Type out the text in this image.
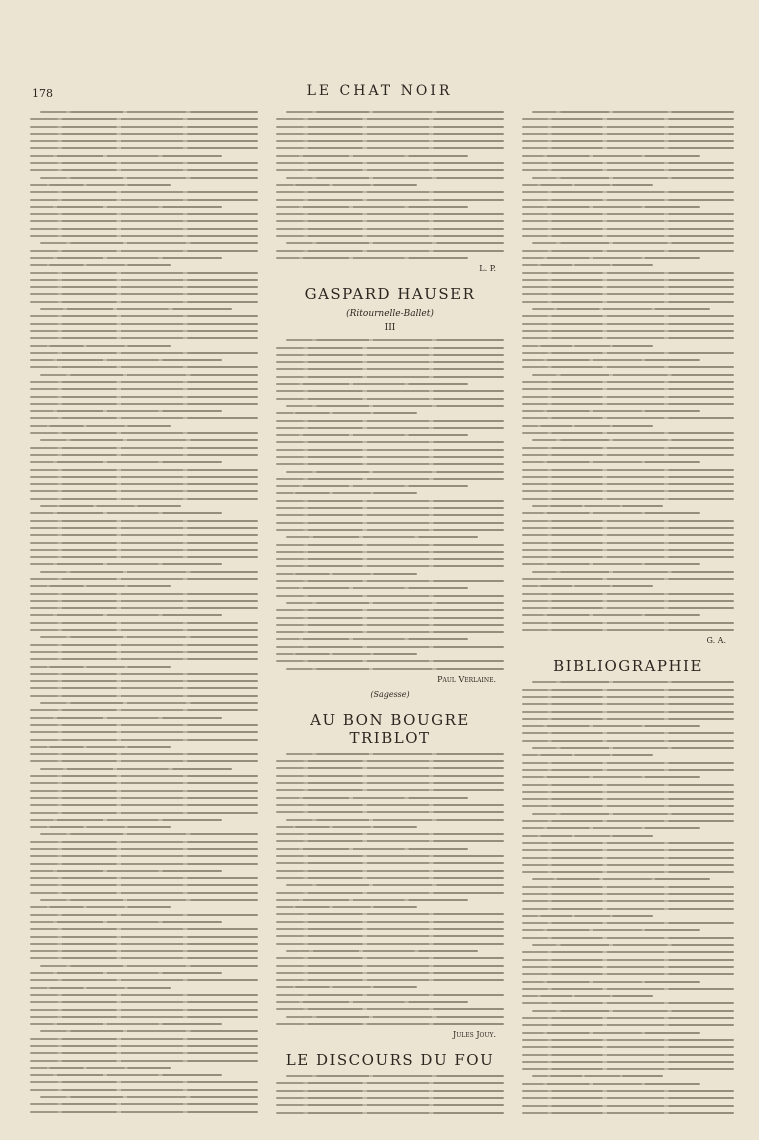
178	LE CHAT NOIR
L. P.
GASPARD HAUSER
(Ritournelle-Ballet)
III
Paul Verlaine.
(Sagesse)
AU BON BOUGRE TRIBLOT
Jules Jouy.
LE DISCOURS DU FOU
G. A.
BIBLIOGRAPHIE
